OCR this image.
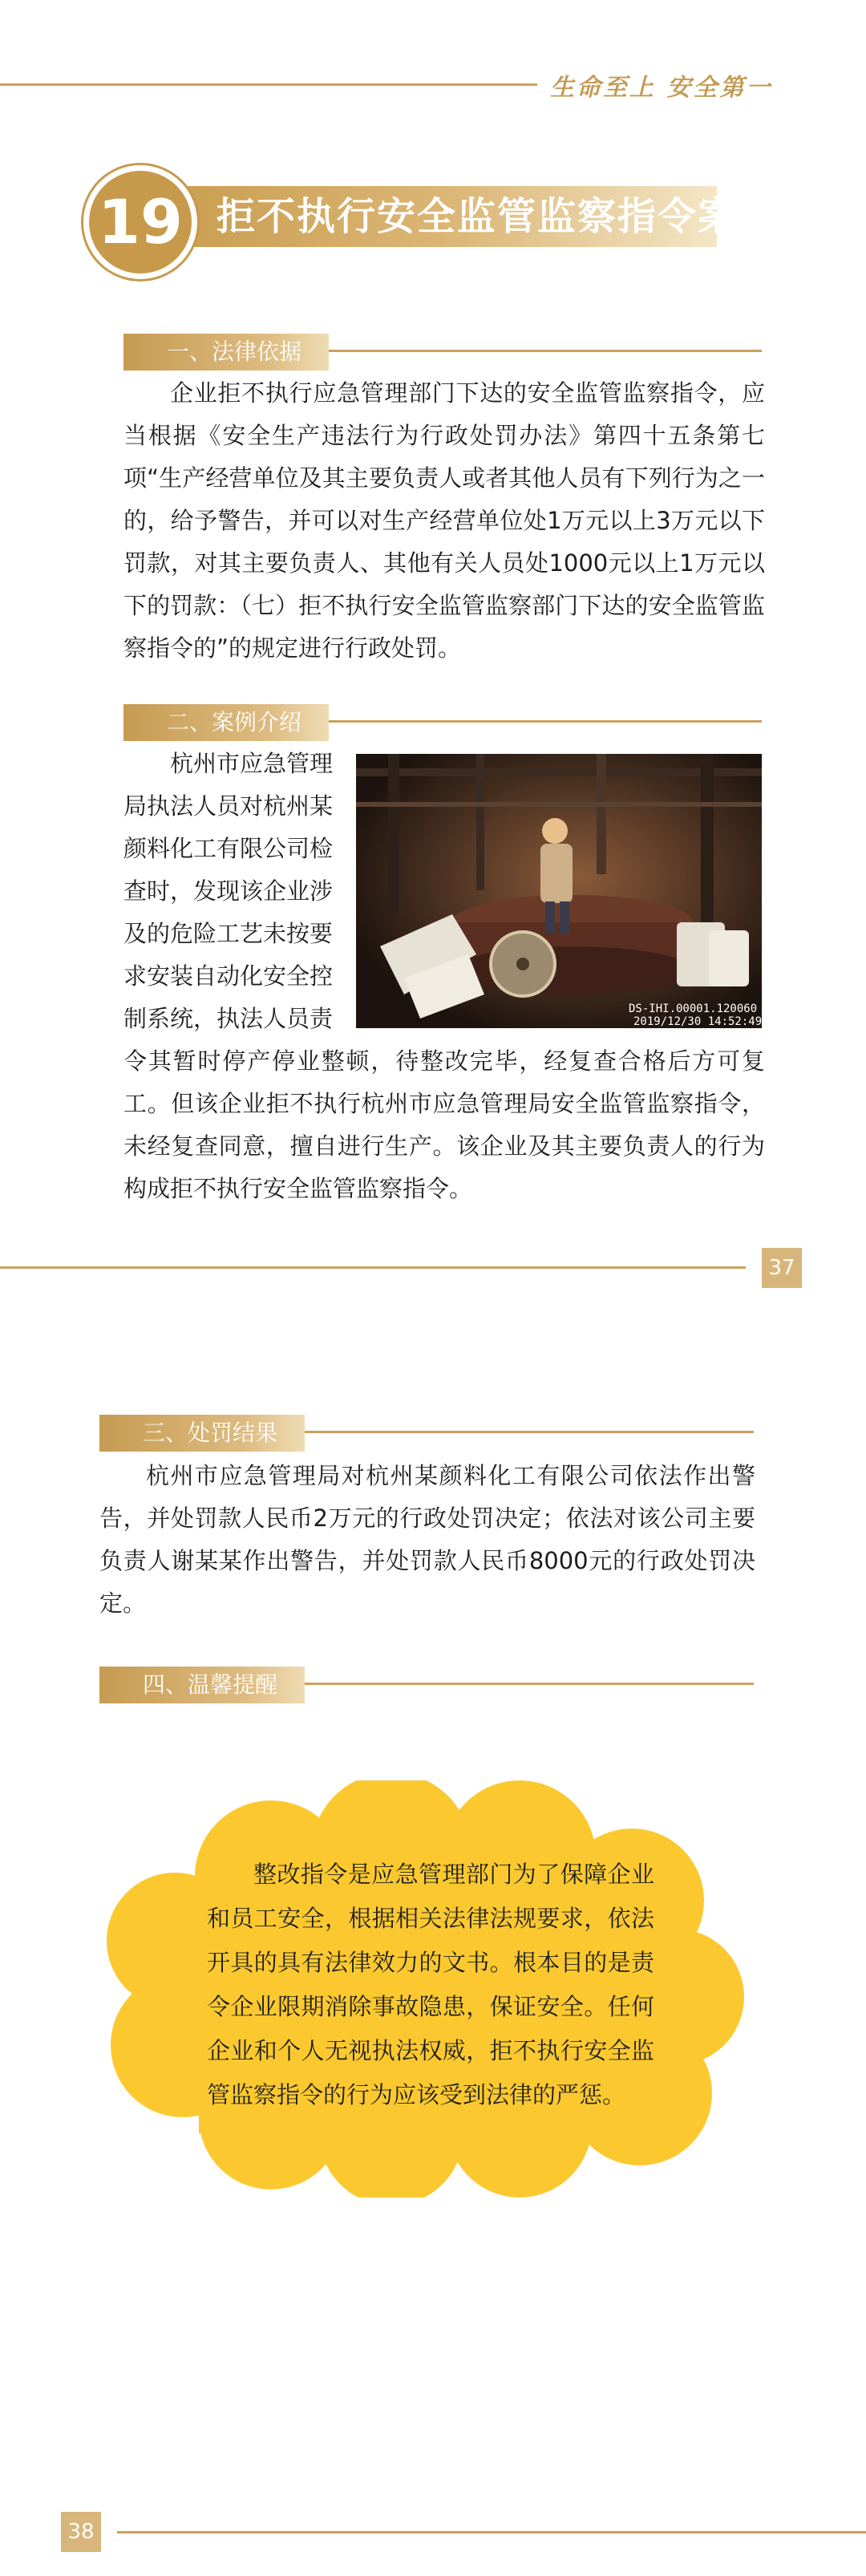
生命至上 安全第一
拒不执行安全监管监察指令案
19
一、法律依据
企业拒不执行应急管理部门下达的安全监管监察指令，应当根据《安全生产违法行为行政处罚办法》第四十五条第七项“生产经营单位及其主要负责人或者其他人员有下列行为之一的，给予警告，并可以对生产经营单位处1万元以上3万元以下罚款，对其主要负责人、其他有关人员处1000元以上1万元以下的罚款：（七）拒不执行安全监管监察部门下达的安全监管监察指令的”的规定进行行政处罚。
二、案例介绍
杭州市应急管理
局执法人员对杭州某
颜料化工有限公司检
查时，发现该企业涉
及的危险工艺未按要
求安装自动化安全控
制系统，执法人员责	DS-IHI.00001.120060
2019/12/30 14:52:49
令其暂时停产停业整顿，待整改完毕，经复查合格后方可复工。但该企业拒不执行杭州市应急管理局安全监管监察指令，未经复查同意，擅自进行生产。该企业及其主要负责人的行为构成拒不执行安全监管监察指令。
37
三、处罚结果
杭州市应急管理局对杭州某颜料化工有限公司依法作出警告，并处罚款人民币2万元的行政处罚决定；依法对该公司主要负责人谢某某作出警告，并处罚款人民币8000元的行政处罚决定。
四、温馨提醒
整改指令是应急管理部门为了保障企业和员工安全，根据相关法律法规要求，依法开具的具有法律效力的文书。根本目的是责令企业限期消除事故隐患，保证安全。任何企业和个人无视执法权威，拒不执行安全监管监察指令的行为应该受到法律的严惩。
38
